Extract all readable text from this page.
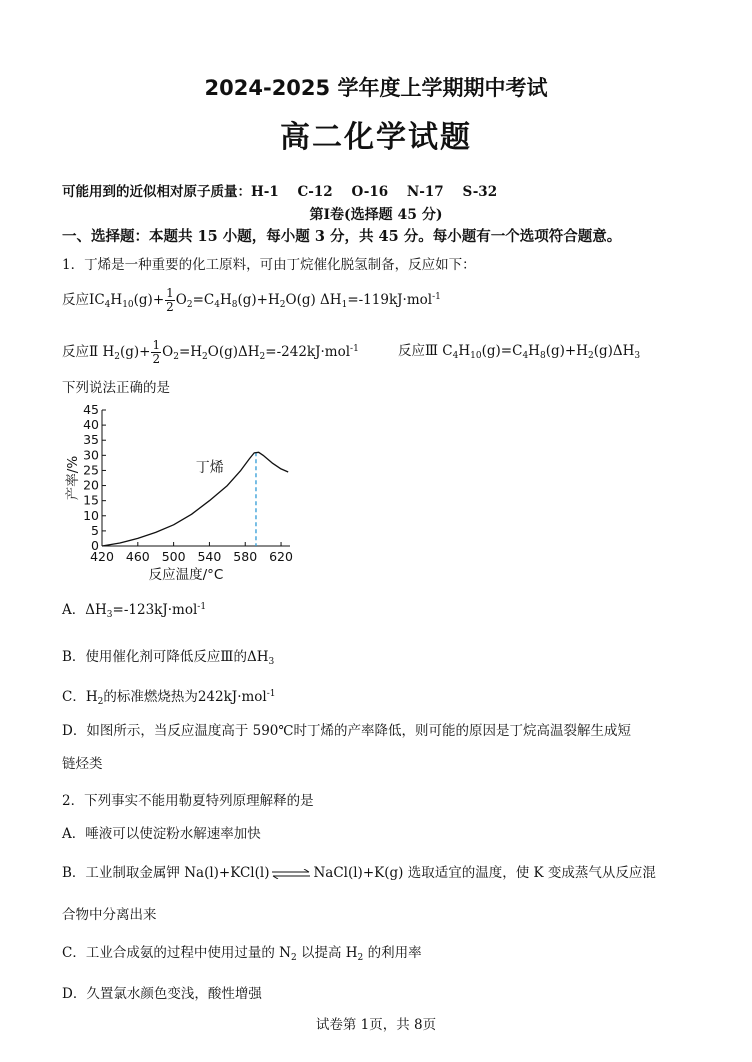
2024-2025 学年度上学期期中考试
高二化学试题
可能用到的近似相对原子质量：H-1    C-12    O-16    N-17    S-32
第Ⅰ卷(选择题 45 分)
一、选择题：本题共 15 小题，每小题 3 分，共 45 分。每小题有一个选项符合题意。
1．丁烯是一种重要的化工原料，可由丁烷催化脱氢制备，反应如下：
反应$ⅠC_4H_{10}(g)+ \frac{1}{2} O_2=C_4H_8(g)+H_2O(g)$ $\Delta H_1=-119kJ\cdot mol^{-1}$
反应Ⅱ $H_2(g)+ \frac{1}{2} O_2=H_2O(g)\Delta H_2=-242kJ\cdot mol^{-1}$	反应Ⅲ $C_4H_{10}(g)=C_4H_8(g)+H_2(g)\Delta H_3$
下列说法正确的是
0
5
10
15
20
25
30
35
40
45
420 460 500 540 580 620
反应温度/°C
产率/%	丁烯
A．$\Delta H_3=-123kJ\cdot mol^{-1}$
B．使用催化剂可降低反应Ⅲ的$\Delta H_3$
C．$H_2$的标准燃烧热为242kJ·mol$^{-1}$
D．如图所示，当反应温度高于 590℃时丁烯的产率降低，则可能的原因是丁烷高温裂解生成短
链烃类
2．下列事实不能用勒夏特列原理解释的是
A．唾液可以使淀粉水解速率加快
B．工业制取金属钾 Na(l)+KCl(l) ⇌ NaCl(l)+K(g) 选取适宜的温度，使 K 变成蒸气从反应混
合物中分离出来
C．工业合成氨的过程中使用过量的 $N_2$ 以提高 $H_2$ 的利用率
D．久置氯水颜色变浅，酸性增强
试卷第 1页，共 8页
